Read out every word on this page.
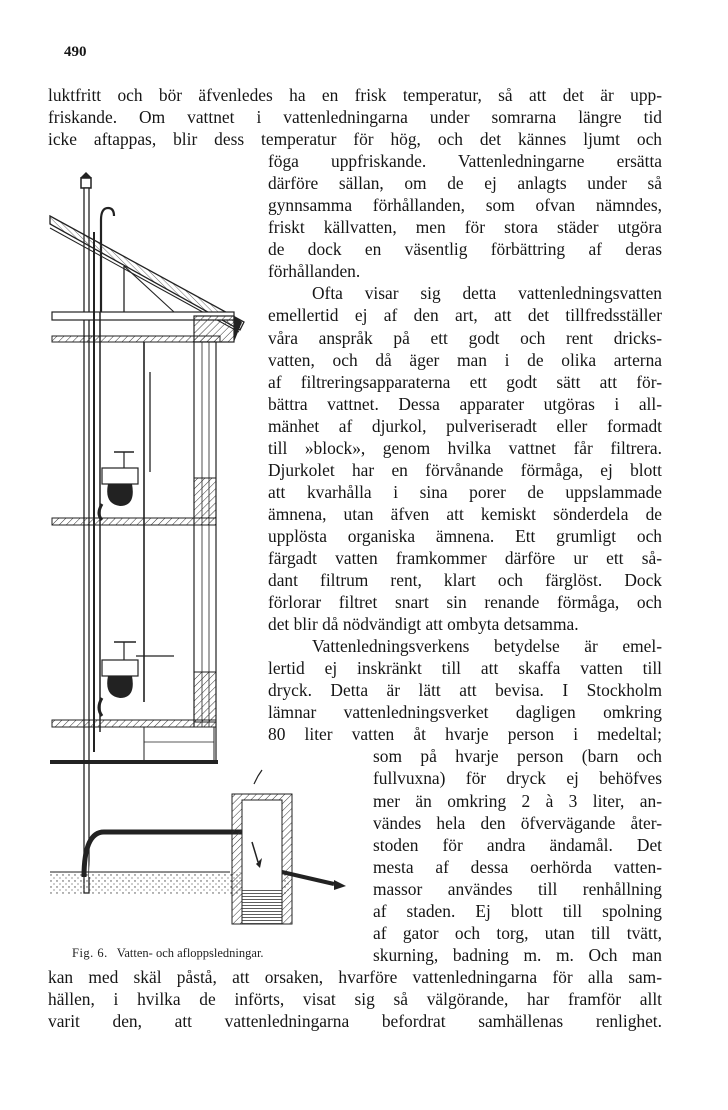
490
luktfritt och bör äfvenledes ha en frisk temperatur, så att det är upp-
friskande. Om vattnet i vattenledningarna under somrarna längre tid
icke aftappas, blir dess temperatur för hög, och det kännes ljumt och
föga uppfriskande. Vattenledningarne ersätta
därföre sällan, om de ej anlagts under så
gynnsamma förhållanden, som ofvan nämndes,
friskt källvatten, men för stora städer utgöra
de dock en väsentlig förbättring af deras
förhållanden.
Ofta visar sig detta vattenledningsvatten
emellertid ej af den art, att det tillfredsställer
våra anspråk på ett godt och rent dricks-
vatten, och då äger man i de olika arterna
af filtreringsapparaterna ett godt sätt att för-
bättra vattnet. Dessa apparater utgöras i all-
mänhet af djurkol, pulveriseradt eller formadt
till »block», genom hvilka vattnet får filtrera.
Djurkolet har en förvånande förmåga, ej blott
att kvarhålla i sina porer de uppslammade
ämnena, utan äfven att kemiskt sönderdela de
upplösta organiska ämnena. Ett grumligt och
färgadt vatten framkommer därföre ur ett så-
dant filtrum rent, klart och färglöst. Dock
förlorar filtret snart sin renande förmåga, och
det blir då nödvändigt att ombyta detsamma.
Vattenledningsverkens betydelse är emel-
lertid ej inskränkt till att skaffa vatten till
dryck. Detta är lätt att bevisa. I Stockholm
lämnar vattenledningsverket dagligen omkring
80 liter vatten åt hvarje person i medeltal;
som på hvarje person (barn och
fullvuxna) för dryck ej behöfves
mer än omkring 2 à 3 liter, an-
vändes hela den öfvervägande åter-
stoden för andra ändamål. Det
mesta af dessa oerhörda vatten-
massor användes till renhållning
af staden. Ej blott till spolning
af gator och torg, utan till tvätt,
skurning, badning m. m. Och man
kan med skäl påstå, att orsaken, hvarföre vattenledningarna för alla sam-
hällen, i hvilka de införts, visat sig så välgörande, har framför allt
varit den, att vattenledningarna befordrat samhällenas renlighet.
Fig. 6. Vatten- och afloppsledningar.
